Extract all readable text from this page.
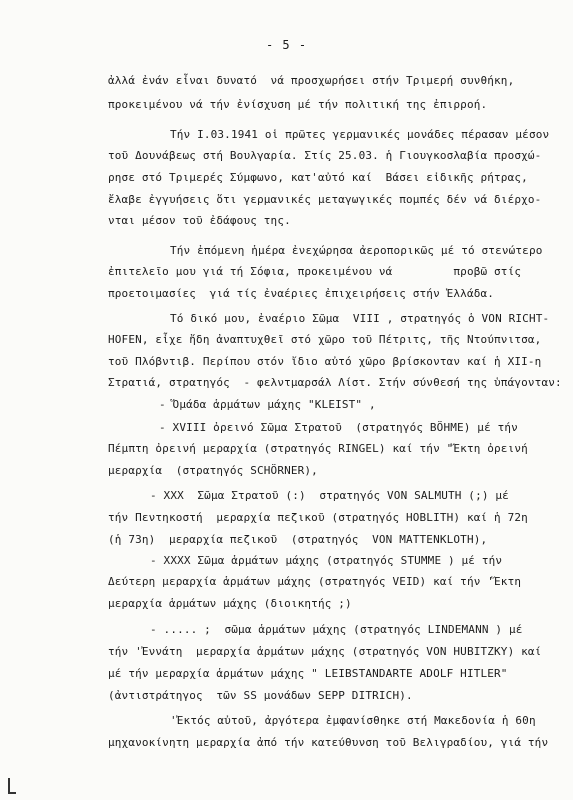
- 5 -
ἀλλά ἐνάν εἶναι δυνατό  νά προσχωρήσει στήν Τριμερή συνθήκη,
προκειμένου νά τήν ἐνίσχυση μέ τήν πολιτική της ἐπιρροή.
Τήν Ι.03.1941 οἱ πρῶτες γερμανικές μονάδες πέρασαν μέσον
τοῦ Δουνάβεως στή Βουλγαρία. Στίς 25.03. ἡ Γιουγκοσλαβία προσχώ-
ρησε στό Τριμερές Σύμφωνο, κατ'αὐτό καί  Βάσει εἰδικῆς ρήτρας,
ἔλαβε ἐγγυήσεις ὅτι γερμανικές μεταγωγικές πομπές δέν νά διέρχο-
νται μέσον τοῦ ἐδάφους της.
Τήν ἐπόμενη ἡμέρα ἐνεχώρησα ἀεροπορικῶς μέ τό στενώτερο
ἐπιτελεῖο μου γιά τή Σόφια, προκειμένου νά         προβῶ στίς
προετοιμασίες  γιά τίς ἐναέριες ἐπιχειρήσεις στήν Ἑλλάδα.
Τό δικό μου, ἐναέριο Σῶμα  VIII , στρατηγός ὁ VON RICHT-
HOFEN, εἶχε ἤδη ἀναπτυχθεῖ στό χῶρο τοῦ Πέτριτς, τῆς Ντούπνιτσα,
τοῦ Πλόβντιβ. Περίπου στόν ἴδιο αὐτό χῶρο βρίσκονταν καί ἡ XII-η
Στρατιά, στρατηγός  - φελντμαρσάλ Λίστ. Στήν σύνθεσή της ὑπάγονταν:
- Ὅμάδα ἁρμάτων μάχης "KLEIST" ,
- XVIII ὀρεινό Σῶμα Στρατοῦ  (στρατηγός BÖHME) μέ τήν
Πέμπτη ὀρεινή μεραρχία (στρατηγός RINGEL) καί τήν "Ἕκτη ὀρεινή
μεραρχία  (στρατηγός SCHÖRNER),
- XXX  Σῶμα Στρατοῦ (:)  στρατηγός VON SALMUTH (;) μέ
τήν Πεντηκοστή  μεραρχία πεζικοῦ (στρατηγός HOBLITH) καί ἡ 72η
(ἡ 73η)  μεραρχία πεζικοῦ  (στρατηγός  VON MATTENKLOTH),
- XXXX Σῶμα ἁρμάτων μάχης (στρατηγός STUMME ) μέ τήν
Δεύτερη μεραρχία ἁρμάτων μάχης (στρατηγός VEID) καί τήν 'Ἕκτη
μεραρχία ἁρμάτων μάχης (διοικητής ;)
- ..... ;  σῶμα ἁρμάτων μάχης (στρατηγός LINDEMANN ) μέ
τήν 'Ἐννάτη  μεραρχία ἁρμάτων μάχης (στρατηγός VON HUBITZKY) καί
μέ τήν μεραρχία ἁρμάτων μάχης " LEIBSTANDARTE ADOLF HITLER"
(ἀντιστράτηγος  τῶν SS μονάδων SEPP DITRICH).
'Ἐκτός αὐτοῦ, ἀργότερα ἐμφανίσθηκε στή Μακεδονία ἡ 60η
μηχανοκίνητη μεραρχία ἀπό τήν κατεύθυνση τοῦ Βελιγραδίου, γιά τήν
